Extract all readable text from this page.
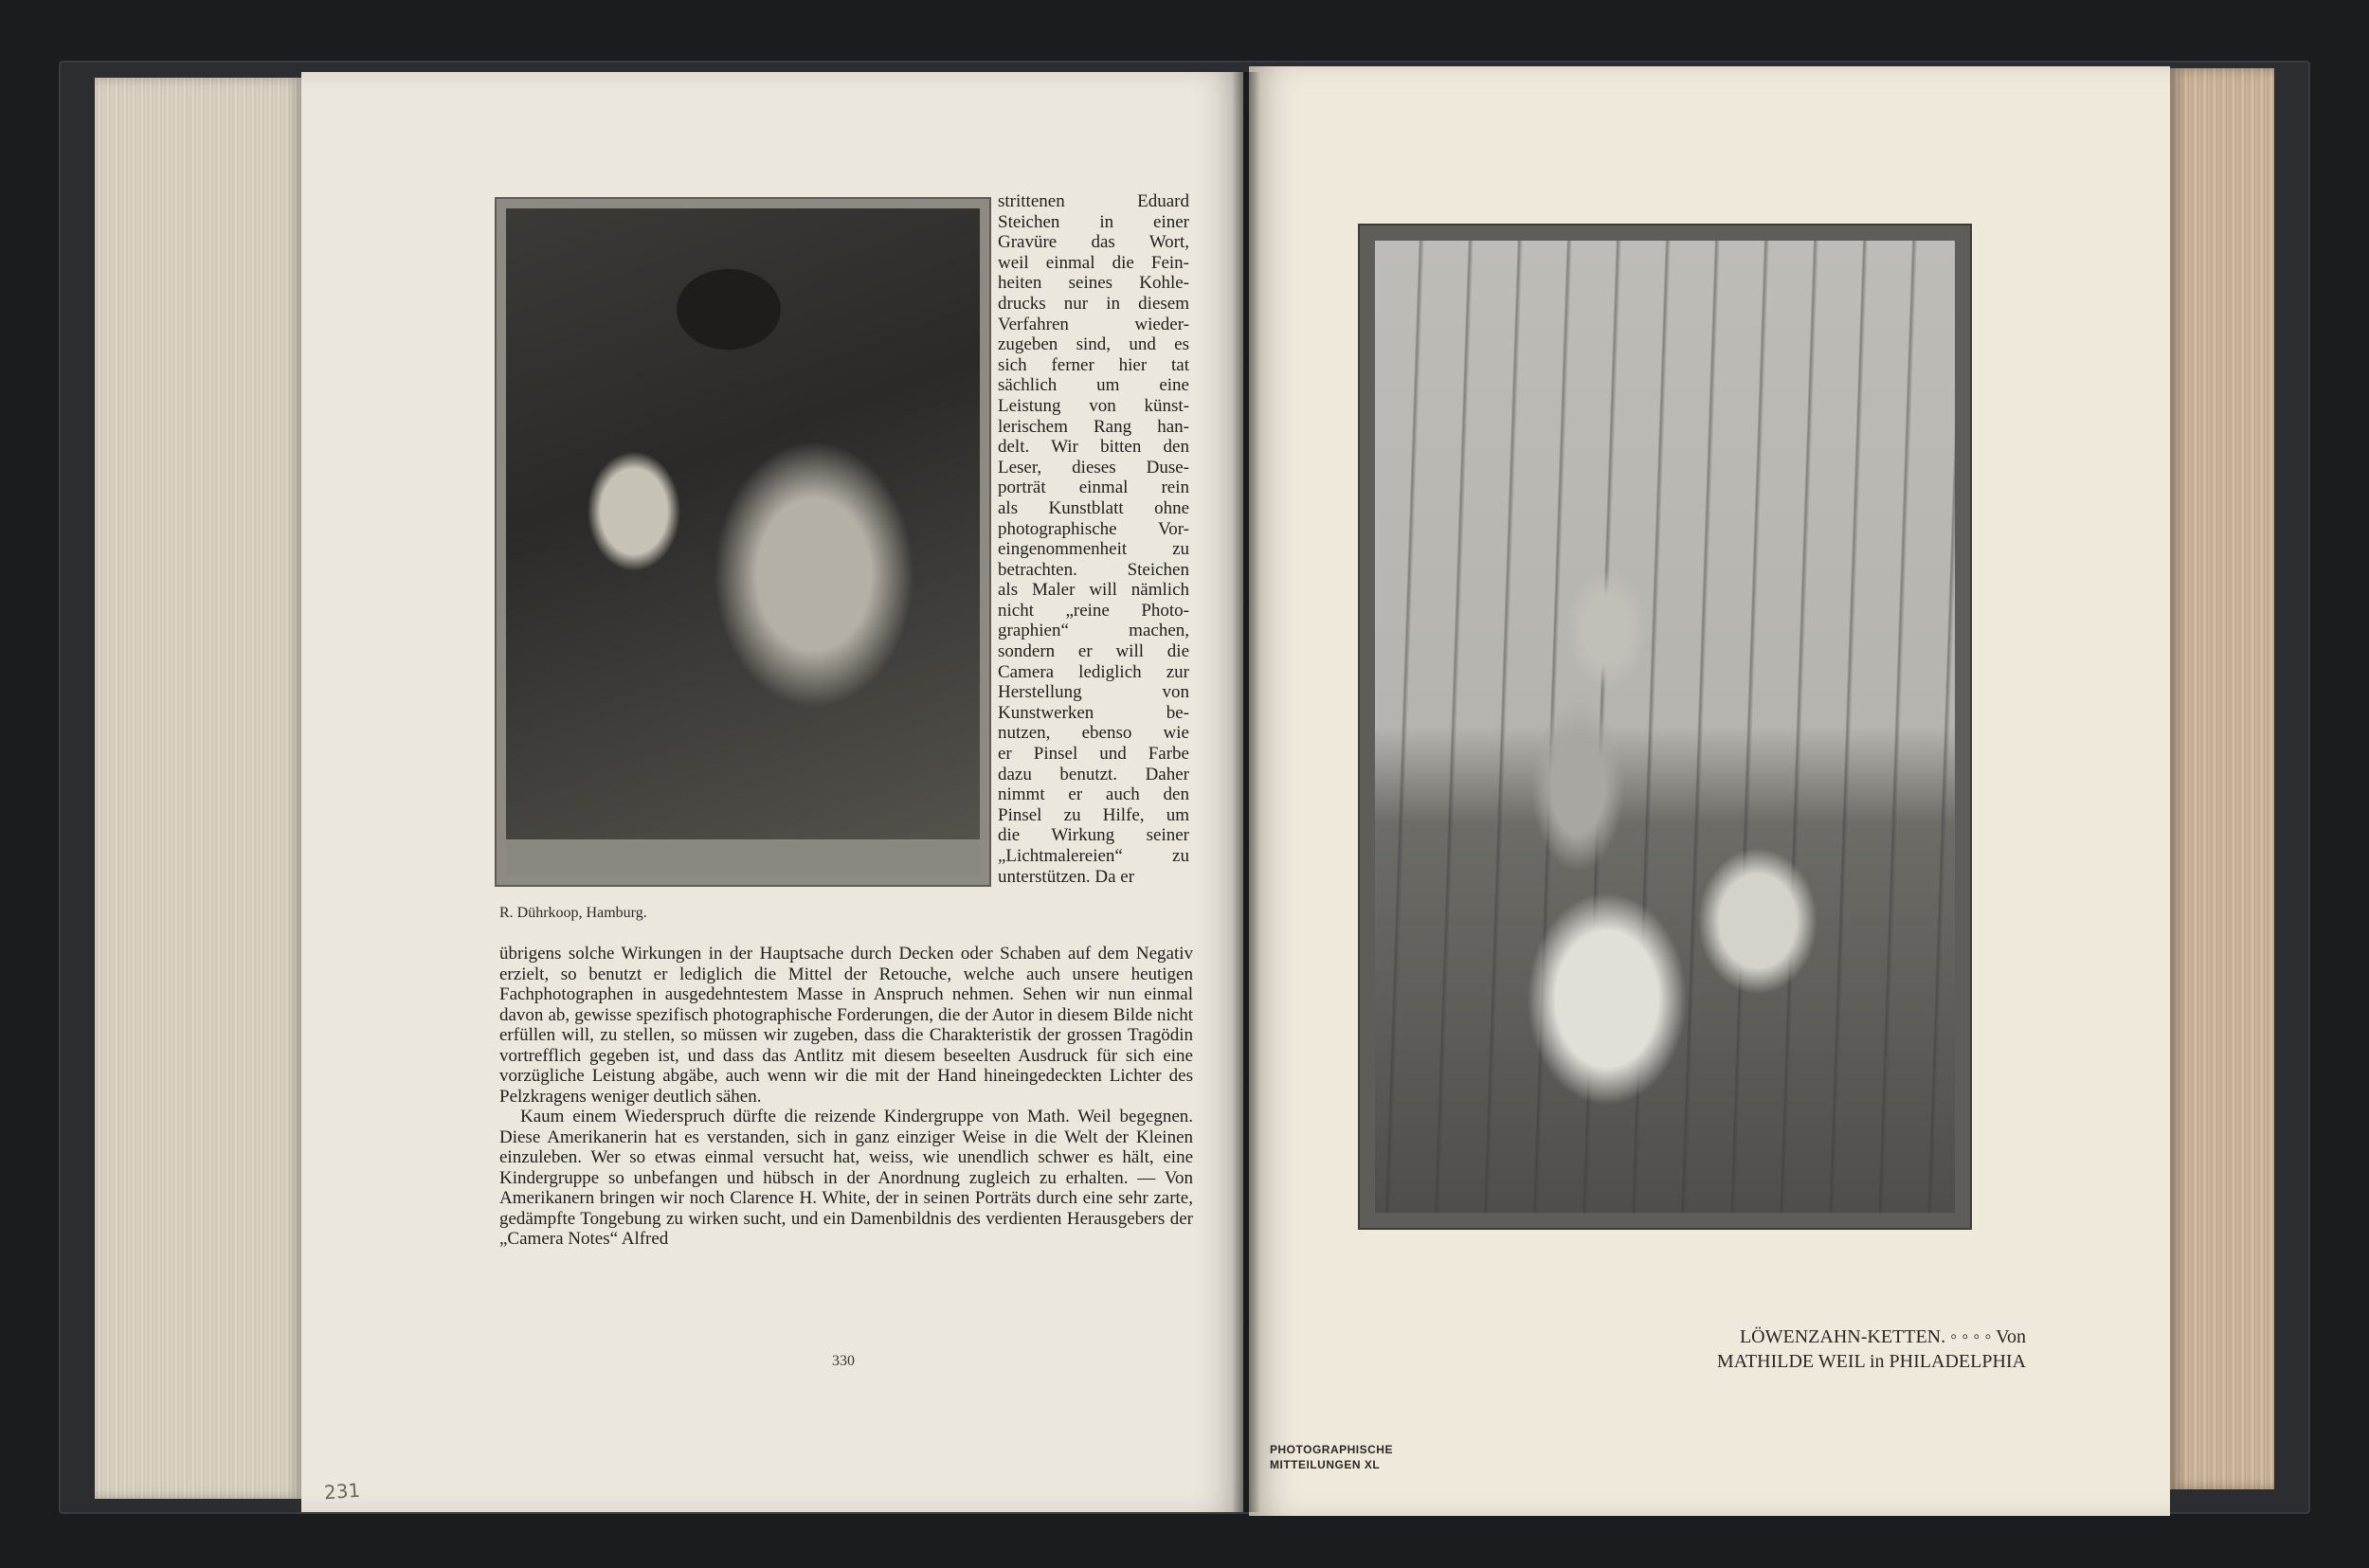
R. Dührkoop, Hamburg.
strittenen Eduard
Steichen in einer
Gravüre das Wort,
weil einmal die Fein-
heiten seines Kohle-
drucks nur in diesem
Verfahren wieder-
zugeben sind, und es
sich ferner hier tat
sächlich um eine
Leistung von künst-
lerischem Rang han-
delt. Wir bitten den
Leser, dieses Duse-
porträt einmal rein
als Kunstblatt ohne
photographische Vor-
eingenommenheit zu
betrachten. Steichen
als Maler will nämlich
nicht „reine Photo-
graphien“ machen,
sondern er will die
Camera lediglich zur
Herstellung von
Kunstwerken be-
nutzen, ebenso wie
er Pinsel und Farbe
dazu benutzt. Daher
nimmt er auch den
Pinsel zu Hilfe, um
die Wirkung seiner
„Lichtmalereien“ zu
unterstützen. Da er

übrigens solche Wirkungen in der Hauptsache durch Decken oder Schaben auf dem Negativ erzielt, so benutzt er lediglich die Mittel der Retouche, welche auch unsere heutigen Fachphotographen in ausgedehntestem Masse in Anspruch nehmen. Sehen wir nun einmal davon ab, gewisse spezifisch photographische Forderungen, die der Autor in diesem Bilde nicht erfüllen will, zu stellen, so müssen wir zugeben, dass die Charakteristik der grossen Tragödin vortrefflich gegeben ist, und dass das Antlitz mit diesem beseelten Ausdruck für sich eine vorzügliche Leistung abgäbe, auch wenn wir die mit der Hand hineingedeckten Lichter des Pelzkragens weniger deutlich sähen.

Kaum einem Wiederspruch dürfte die reizende Kindergruppe von Math. Weil begegnen. Diese Amerikanerin hat es verstanden, sich in ganz einziger Weise in die Welt der Kleinen einzuleben. Wer so etwas einmal versucht hat, weiss, wie unendlich schwer es hält, eine Kindergruppe so unbefangen und hübsch in der Anordnung zugleich zu erhalten. — Von Amerikanern bringen wir noch Clarence H. White, der in seinen Porträts durch eine sehr zarte, gedämpfte Tongebung zu wirken sucht, und ein Damenbildnis des verdienten Herausgebers der „Camera Notes“ Alfred

330
231
LÖWENZAHN-KETTEN. ◦ ◦ ◦ ◦ Von
MATHILDE WEIL in PHILADELPHIA
PHOTOGRAPHISCHE
MITTEILUNGEN XL
